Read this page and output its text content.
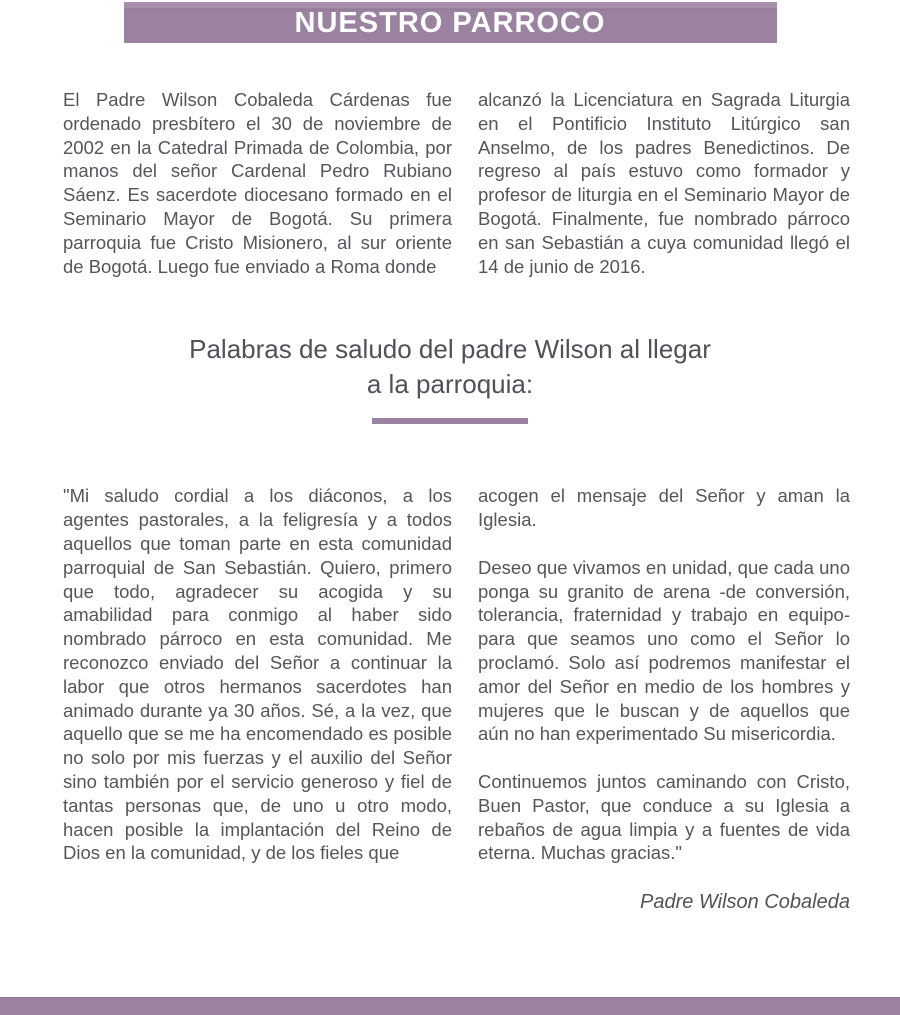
NUESTRO PARROCO

El Padre Wilson Cobaleda Cárdenas fue ordenado presbítero el 30 de noviembre de 2002 en la Catedral Primada de Colombia, por manos del señor Cardenal Pedro Rubiano Sáenz. Es sacerdote diocesano formado en el Seminario Mayor de Bogotá. Su primera parroquia fue Cristo Misionero, al sur oriente de Bogotá. Luego fue enviado a Roma donde

alcanzó la Licenciatura en Sagrada Liturgia en el Pontificio Instituto Litúrgico san Anselmo, de los padres Benedictinos. De regreso al país estuvo como formador y profesor de liturgia en el Seminario Mayor de Bogotá. Finalmente, fue nombrado párroco en san Sebastián a cuya comunidad llegó el 14 de junio de 2016.

Palabras de saludo del padre Wilson al llegar
a la parroquia:

"Mi saludo cordial a los diáconos, a los agentes pastorales, a la feligresía y a todos aquellos que toman parte en esta comunidad parroquial de San Sebastián. Quiero, primero que todo, agradecer su acogida y su amabilidad para conmigo al haber sido nombrado párroco en esta comunidad. Me reconozco enviado del Señor a continuar la labor que otros hermanos sacerdotes han animado durante ya 30 años. Sé, a la vez, que aquello que se me ha encomendado es posible no solo por mis fuerzas y el auxilio del Señor sino también por el servicio generoso y fiel de tantas personas que, de uno u otro modo, hacen posible la implantación del Reino de Dios en la comunidad, y de los fieles que

acogen el mensaje del Señor y aman la Iglesia.

Deseo que vivamos en unidad, que cada uno ponga su granito de arena -de conversión, tolerancia, fraternidad y trabajo en equipo- para que seamos uno como el Señor lo proclamó. Solo así podremos manifestar el amor del Señor en medio de los hombres y mujeres que le buscan y de aquellos que aún no han experimentado Su misericordia.

Continuemos juntos caminando con Cristo, Buen Pastor, que conduce a su Iglesia a rebaños de agua limpia y a fuentes de vida eterna. Muchas gracias."

Padre Wilson Cobaleda
